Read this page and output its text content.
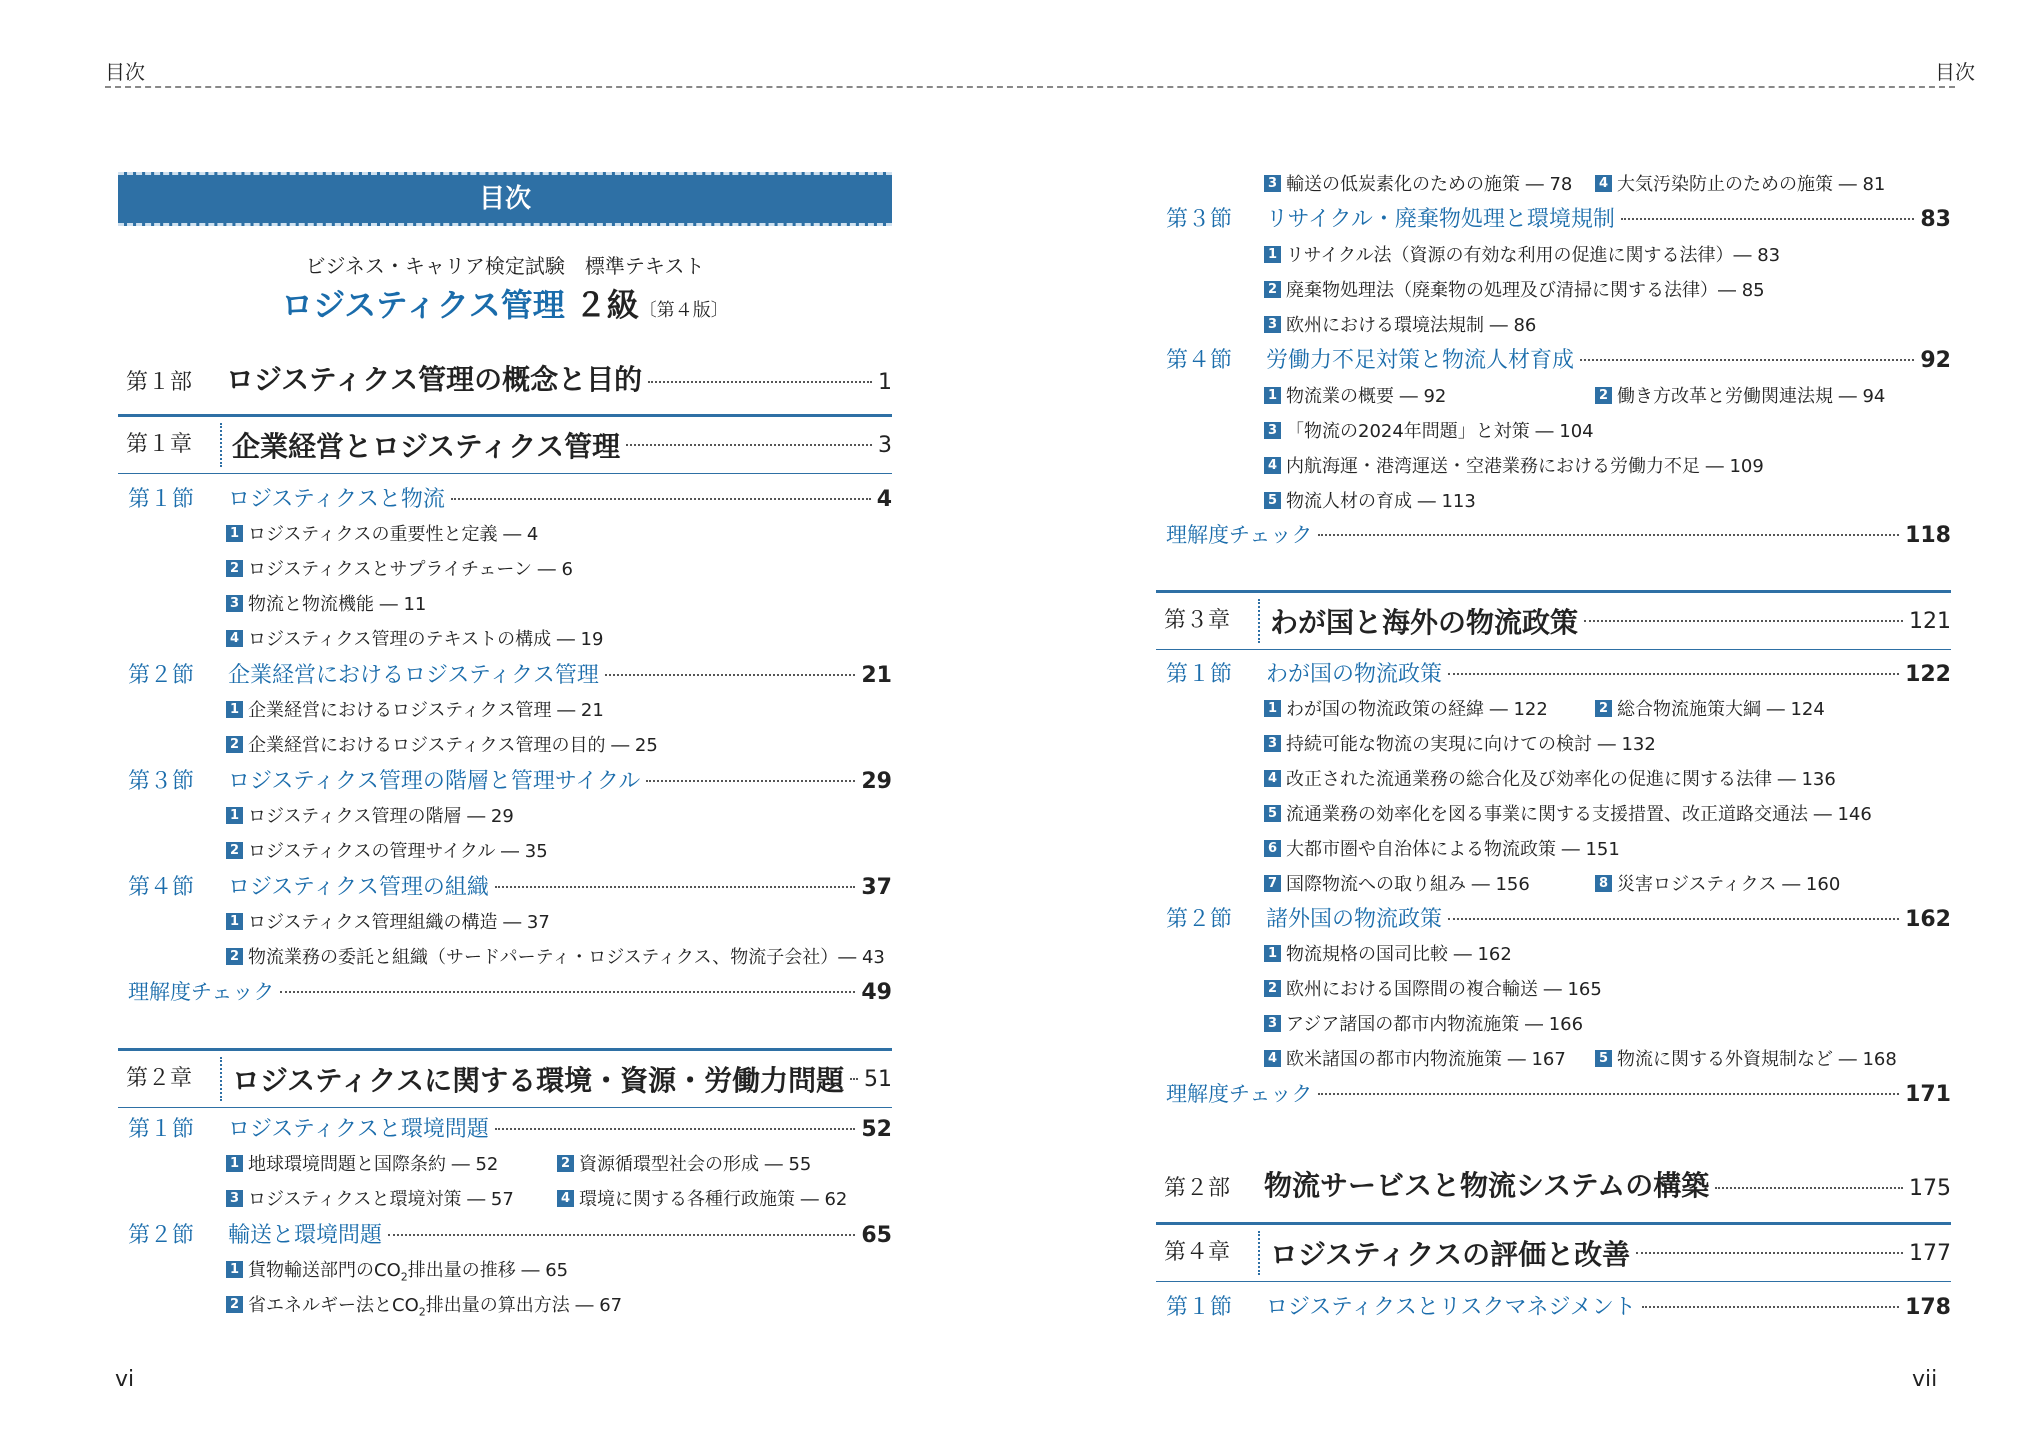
目次
vi
目次
ビジネス・キャリア検定試験　標準テキスト
ロジスティクス管理 ２級〔第４版〕
第１部	ロジスティクス管理の概念と目的	1
第１章	企業経営とロジスティクス管理	3
第１節	ロジスティクスと物流	4
1 ロジスティクスの重要性と定義 ― 4
2 ロジスティクスとサプライチェーン ― 6
3 物流と物流機能 ― 11
4 ロジスティクス管理のテキストの構成 ― 19
第２節	企業経営におけるロジスティクス管理	21
1 企業経営におけるロジスティクス管理 ― 21
2 企業経営におけるロジスティクス管理の目的 ― 25
第３節	ロジスティクス管理の階層と管理サイクル	29
1 ロジスティクス管理の階層 ― 29
2 ロジスティクスの管理サイクル ― 35
第４節	ロジスティクス管理の組織	37
1 ロジスティクス管理組織の構造 ― 37
2 物流業務の委託と組織（サードパーティ・ロジスティクス、物流子会社）― 43
理解度チェック	49
第２章	ロジスティクスに関する環境・資源・労働力問題 51
第１節	ロジスティクスと環境問題	52
1 地球環境問題と国際条約 ― 52	2 資源循環型社会の形成 ― 55
3 ロジスティクスと環境対策 ― 57	4 環境に関する各種行政施策 ― 62
第２節	輸送と環境問題	65
1 貨物輸送部門の$CO_2$排出量の推移 ― 65
2 省エネルギー法と$CO_2$排出量の算出方法 ― 67
目次
vii
3 輸送の低炭素化のための施策 ― 78	4 大気汚染防止のための施策 ― 81
第３節	リサイクル・廃棄物処理と環境規制	83
1 リサイクル法（資源の有効な利用の促進に関する法律）― 83
2 廃棄物処理法（廃棄物の処理及び清掃に関する法律）― 85
3 欧州における環境法規制 ― 86
第４節	労働力不足対策と物流人材育成	92
1 物流業の概要 ― 92	2 働き方改革と労働関連法規 ― 94
3 「物流の2024年問題」と対策 ― 104
4 内航海運・港湾運送・空港業務における労働力不足 ― 109
5 物流人材の育成 ― 113
理解度チェック	118
第３章	わが国と海外の物流政策	121
第１節	わが国の物流政策	122
1 わが国の物流政策の経緯 ― 122	2 総合物流施策大綱 ― 124
3 持続可能な物流の実現に向けての検討 ― 132
4 改正された流通業務の総合化及び効率化の促進に関する法律 ― 136
5 流通業務の効率化を図る事業に関する支援措置、改正道路交通法 ― 146
6 大都市圏や自治体による物流政策 ― 151
7 国際物流への取り組み ― 156	8 災害ロジスティクス ― 160
第２節	諸外国の物流政策	162
1 物流規格の国司比較 ― 162
2 欧州における国際間の複合輸送 ― 165
3 アジア諸国の都市内物流施策 ― 166
4 欧米諸国の都市内物流施策 ― 167	5 物流に関する外資規制など ― 168
理解度チェック	171
第２部	物流サービスと物流システムの構築	175
第４章	ロジスティクスの評価と改善	177
第１節	ロジスティクスとリスクマネジメント	178
